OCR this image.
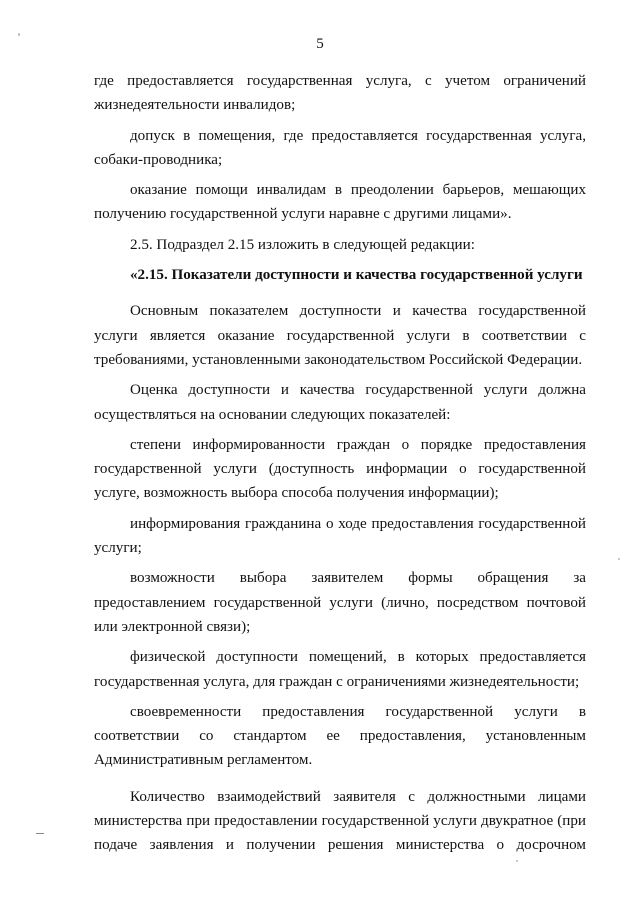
5

где предоставляется государственная услуга, с учетом ограничений жизнедеятельности инвалидов;

допуск в помещения, где предоставляется государственная услуга, собаки-проводника;

оказание помощи инвалидам в преодолении барьеров, мешающих получению государственной услуги наравне с другими лицами».

2.5. Подраздел 2.15 изложить в следующей редакции:

«2.15. Показатели доступности и качества государственной услуги

Основным показателем доступности и качества государственной услуги является оказание государственной услуги в соответствии с требованиями, установленными законодательством Российской Федерации.

Оценка доступности и качества государственной услуги должна осуществляться на основании следующих показателей:

степени информированности граждан о порядке предоставления государственной услуги (доступность информации о государственной услуге, возможность выбора способа получения информации);

информирования гражданина о ходе предоставления государственной услуги;

возможности выбора заявителем формы обращения за предоставлением государственной услуги (лично, посредством почтовой или электронной связи);

физической доступности помещений, в которых предоставляется государственная услуга, для граждан с ограничениями жизнедеятельности;

своевременности предоставления государственной услуги в соответствии со стандартом ее предоставления, установленным Административным регламентом.

Количество взаимодействий заявителя с должностными лицами министерства при предоставлении государственной услуги двукратное (при подаче заявления и получении решения министерства о досрочном
